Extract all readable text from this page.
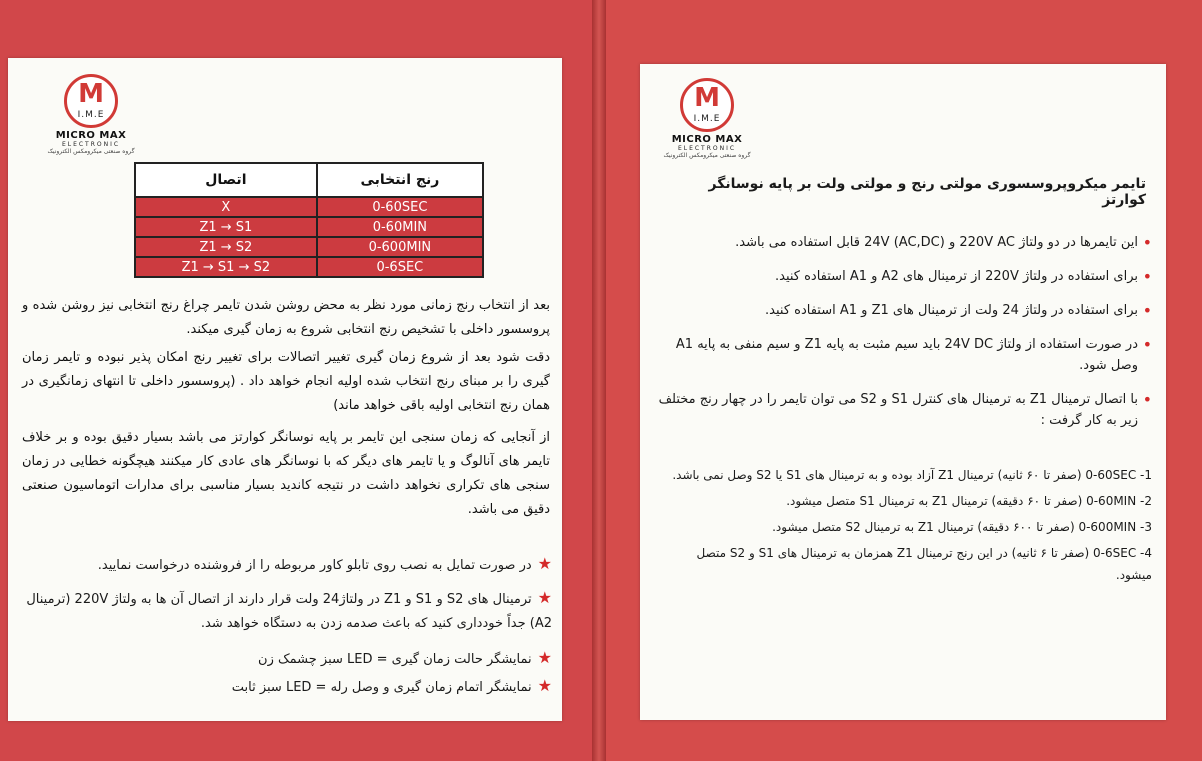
M
I.M.E
MICRO MAX
ELECTRONIC
گروه صنعتی میکرومکس الکترونیک
اتصال	رنج انتخابی
X	0-60SEC
Z1 → S1	0-60MIN
Z1 → S2	0-600MIN
Z1 → S1 → S2	0-6SEC
بعد از انتخاب رنج زمانی مورد نظر به محض روشن شدن تایمر چراغ رنج انتخابی نیز روشن شده و پروسسور داخلی با تشخیص رنج انتخابی شروع به زمان گیری میکند.
دقت شود بعد از شروع زمان گیری تغییر اتصالات برای تغییر رنج امکان پذیر نبوده و تایمر زمان گیری را بر مبنای رنج انتخاب شده اولیه انجام خواهد داد . (پروسسور داخلی تا انتهای زمانگیری در همان رنج انتخابی اولیه باقی خواهد ماند)
از آنجایی که زمان سنجی این تایمر بر پایه نوسانگر کوارتز می باشد بسیار دقیق بوده و بر خلاف تایمر های آنالوگ و یا تایمر های دیگر که با نوسانگر های عادی کار میکنند هیچگونه خطایی در زمان سنجی های تکراری نخواهد داشت در نتیجه کاندید بسیار مناسبی برای مدارات اتوماسیون صنعتی دقیق می باشد.
★در صورت تمایل به نصب روی تابلو کاور مربوطه را از فروشنده درخواست نمایید.
★ترمینال های S2 و S1 و Z1 در ولتاژ24 ولت قرار دارند از اتصال آن ها به ولتاژ 220V (ترمینال A2) جداً خودداری کنید که باعث صدمه زدن به دستگاه خواهد شد.
★نمایشگر حالت زمان گیری = LED سبز چشمک زن
★نمایشگر اتمام زمان گیری و وصل رله = LED سبز ثابت
M
I.M.E
MICRO MAX
ELECTRONIC
گروه صنعتی میکرومکس الکترونیک
تایمر میکروپروسسوری مولتی رنج و مولتی ولت بر پایه نوسانگر کوارتز
• این تایمرها در دو ولتاژ 220V AC و (AC,DC) 24V قابل استفاده می باشد.
• برای استفاده در ولتاژ 220V از ترمینال های A2 و A1 استفاده کنید.
• برای استفاده در ولتاژ 24 ولت از ترمینال های Z1 و A1 استفاده کنید.
• در صورت استفاده از ولتاژ 24V DC باید سیم مثبت به پایه Z1 و سیم منفی به پایه A1 وصل شود.
• با اتصال ترمینال Z1 به ترمینال های کنترل S1 و S2 می توان تایمر را در چهار رنج مختلف زیر به کار گرفت :
1- 0-60SEC (صفر تا ۶۰ ثانیه) ترمینال Z1 آزاد بوده و به ترمینال های S1 یا S2 وصل نمی باشد.
2- 0-60MIN (صفر تا ۶۰ دقیقه) ترمینال Z1 به ترمینال S1 متصل میشود.
3- 0-600MIN (صفر تا ۶۰۰ دقیقه) ترمینال Z1 به ترمینال S2 متصل میشود.
4- 0-6SEC (صفر تا ۶ ثانیه) در این رنج ترمینال Z1 همزمان به ترمینال های S1 و S2 متصل میشود.
